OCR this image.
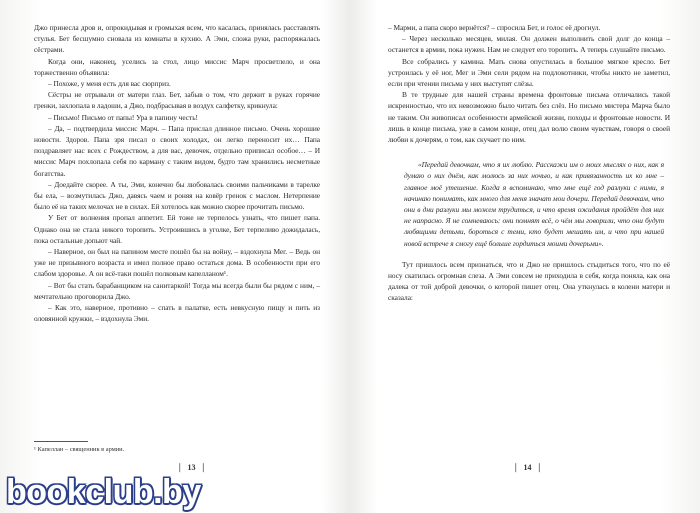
Джо принесла дров и, опрокидывая и громыхая всем, что касалась, принялась расставлять стулья. Бет бесшумно сновала из комнаты в кухню. А Эми, сложа руки, распоряжалась сёстрами.

Когда они, наконец, уселись за стол, лицо миссис Марч просветлело, и она торжественно объявила:

– Похоже, у меня есть для вас сюрприз.

Сёстры не отрывали от матери глаз. Бет, забыв о том, что держит в руках горячие гренки, захлопала в ладоши, а Джо, подбрасывая в воздух салфетку, крикнула:

– Письмо! Письмо от папы! Ура в папину честь!

– Да, – подтвердила миссис Марч. – Папа прислал длинное письмо. Очень хорошие новости. Здоров. Папа зря писал о своих холодах, он легко переносит их… Папа поздравляет нас всех с Рождеством, а для вас, девочек, отдельно приписал особое… – И миссис Марч похлопала себя по карману с таким видом, будто там хранились несметные богатства.

– Доедайте скорее. А ты, Эми, конечно бы любовалась своими пальчиками в тарелке бы ела, – возмутилась Джо, давясь чаем и роняя на ковёр гренок с маслом. Нетерпение было её на таких мелочах не в силах. Ей хотелось как можно скорее прочитать письмо.

У Бет от волнения пропал аппетит. Ей тоже не терпелось узнать, что пишет папа. Однако она не стала никого торопить. Устроившись в уголке, Бет терпеливо дожидалась, пока остальные допьют чай.

– Наверное, он был на папином месте пошёл бы на войну, – вздохнула Мег. – Ведь он уже не призывного возраста и имел полное право остаться дома. В особенности при его слабом здоровье. А он всё-таки пошёл полковым капелланом¹.

– Вот бы стать барабанщиком на санитаркой! Тогда мы всегда были бы рядом с ним, – мечтательно проговорила Джо.

– Как это, наверное, противно – спать в палатке, есть невкусную пищу и пить из оловянной кружки, – вздохнула Эми.

¹ Капеллан – священник в армии.
❘ 13 ❘

– Марми, а папа скоро вернётся? – спросила Бет, и голос её дрогнул.

– Через несколько месяцев, милая. Он должен выполнить свой долг до конца – останется в армии, пока нужен. Нам не следует его торопить. А теперь слушайте письмо.

Все собрались у камина. Мать снова опустилась в большое мягкое кресло. Бет устроилась у её ног, Мег и Эми сели рядом на подлокотники, чтобы никто не заметил, если при чтении письма у них выступят слёзы.

В те трудные для нашей страны времена фронтовые письма отличались такой искренностью, что их невозможно было читать без слёз. Но письмо мистера Марча было не таким. Он живописал особенности армейской жизни, походы и фронтовые новости. И лишь в конце письма, уже в самом конце, отец дал волю своим чувствам, говоря о своей любви к дочерям, о том, как скучает по ним.

«Передай девочкам, что я их люблю. Расскажи им о моих мыслях о них, как я думаю о них днём, как молюсь за них ночью, и как привязанность их ко мне – главное моё утешение. Когда я вспоминаю, что мне ещё год разлуки с ними, я начинаю понимать, как много для меня значат мои дочери. Передай девочкам, что они в дни разлуки мы можем трудиться, и что время ожидания пройдёт для них не напрасно. Я не сомневаюсь: они помнят всё, о чём мы говорили, что они будут любящими детьми, бороться с теми, кто будет мешать им, и что при нашей новой встрече я смогу ещё больше гордиться моими дочерьми».

Тут пришлось всем признаться, что и Джо не пришлось стыдиться того, что по её носу скатилась огромная слеза. А Эми совсем не приходила в себя, когда поняла, как она далека от той доброй девочки, о которой пишет отец. Она уткнулась в колени матери и сказала:

❘ 14 ❘
bookclub.by
